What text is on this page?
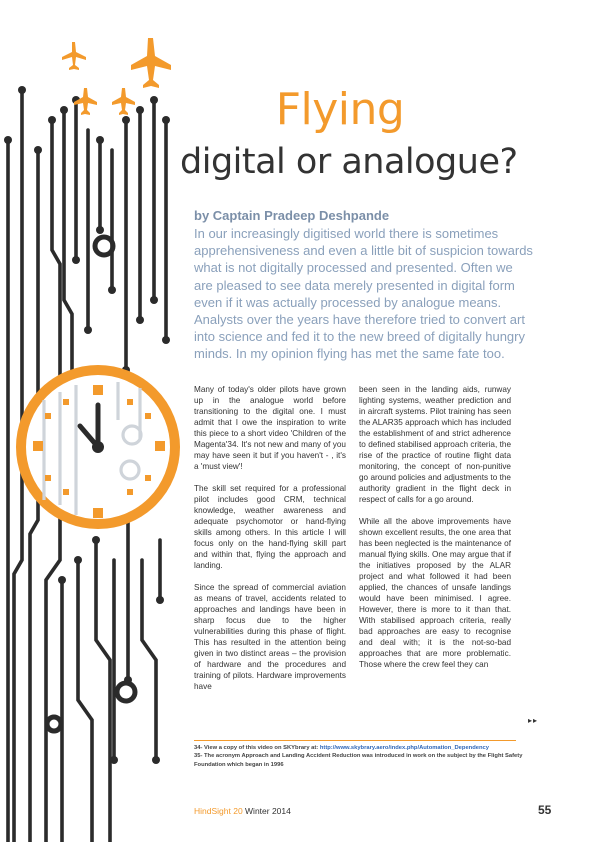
Flying
digital or analogue?
by Captain Pradeep Deshpande
In our increasingly digitised world there is sometimes apprehensiveness and even a little bit of suspicion towards what is not digitally processed and presented. Often we are pleased to see data merely presented in digital form even if it was actually processed by analogue means. Analysts over the years have therefore tried to convert art into science and fed it to the new breed of digitally hungry minds. In my opinion flying has met the same fate too.

Many of today's older pilots have grown up in the analogue world before transitioning to the digital one. I must admit that I owe the inspiration to write this piece to a short video 'Children of the Magenta'34. It's not new and many of you may have seen it but if you haven't - , it's a 'must view'!

The skill set required for a professional pilot includes good CRM, technical knowledge, weather awareness and adequate psychomotor or hand-flying skills among others. In this article I will focus only on the hand-flying skill part and within that, flying the approach and landing.

Since the spread of commercial aviation as means of travel, accidents related to approaches and landings have been in sharp focus due to the higher vulnerabilities during this phase of flight. This has resulted in the attention being given in two distinct areas – the provision of hardware and the procedures and training of pilots. Hardware improvements have

been seen in the landing aids, runway lighting systems, weather prediction and in aircraft systems. Pilot training has seen the ALAR35 approach which has included the establishment of and strict adherence to defined stabilised approach criteria, the rise of the practice of routine flight data monitoring, the concept of non-punitive go around policies and adjustments to the authority gradient in the flight deck in respect of calls for a go around.

While all the above improvements have shown excellent results, the one area that has been neglected is the maintenance of manual flying skills. One may argue that if the initiatives proposed by the ALAR project and what followed it had been applied, the chances of unsafe landings would have been minimised. I agree. However, there is more to it than that. With stabilised approach criteria, really bad approaches are easy to recognise and deal with; it is the not-so-bad approaches that are more problematic. Those where the crew feel they can

▸▸
34- View a copy of this video on SKYbrary at: http://www.skybrary.aero/index.php/Automation_Dependency
35- The acronym Approach and Landing Accident Reduction was introduced in work on the subject by the Flight Safety Foundation which began in 1996
HindSight 20 Winter 2014	55
